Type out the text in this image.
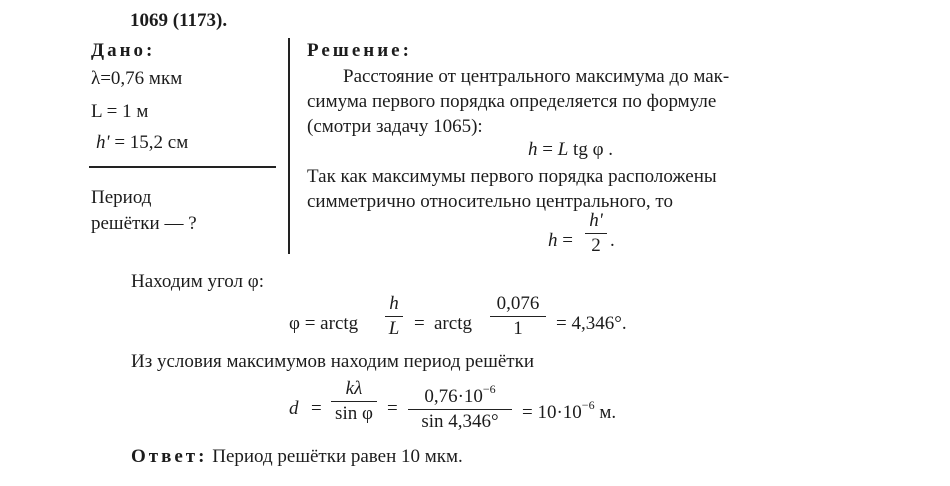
1069 (1173).
Дано:
λ=0,76 мкм
L = 1 м
h' = 15,2 см
Период
решётки — ?
Решение:
Расстояние от центрального максимума до мак-
симума первого порядка определяется по формуле
(смотри задачу 1065):
h = L tg φ .
Так как максимумы первого порядка расположены
симметрично относительно центрального, то
h =
h'
2 .
Находим угол φ:
φ = arctg
h
L = arctg
0,076
1	= 4,346°.
Из условия максимумов находим период решётки
d =
kλ
sin φ =
$0,76\cdot 10^{-6}$
sin 4,346°	= $10\cdot 10^{-6}$ м.
Ответ: Период решётки равен 10 мкм.
